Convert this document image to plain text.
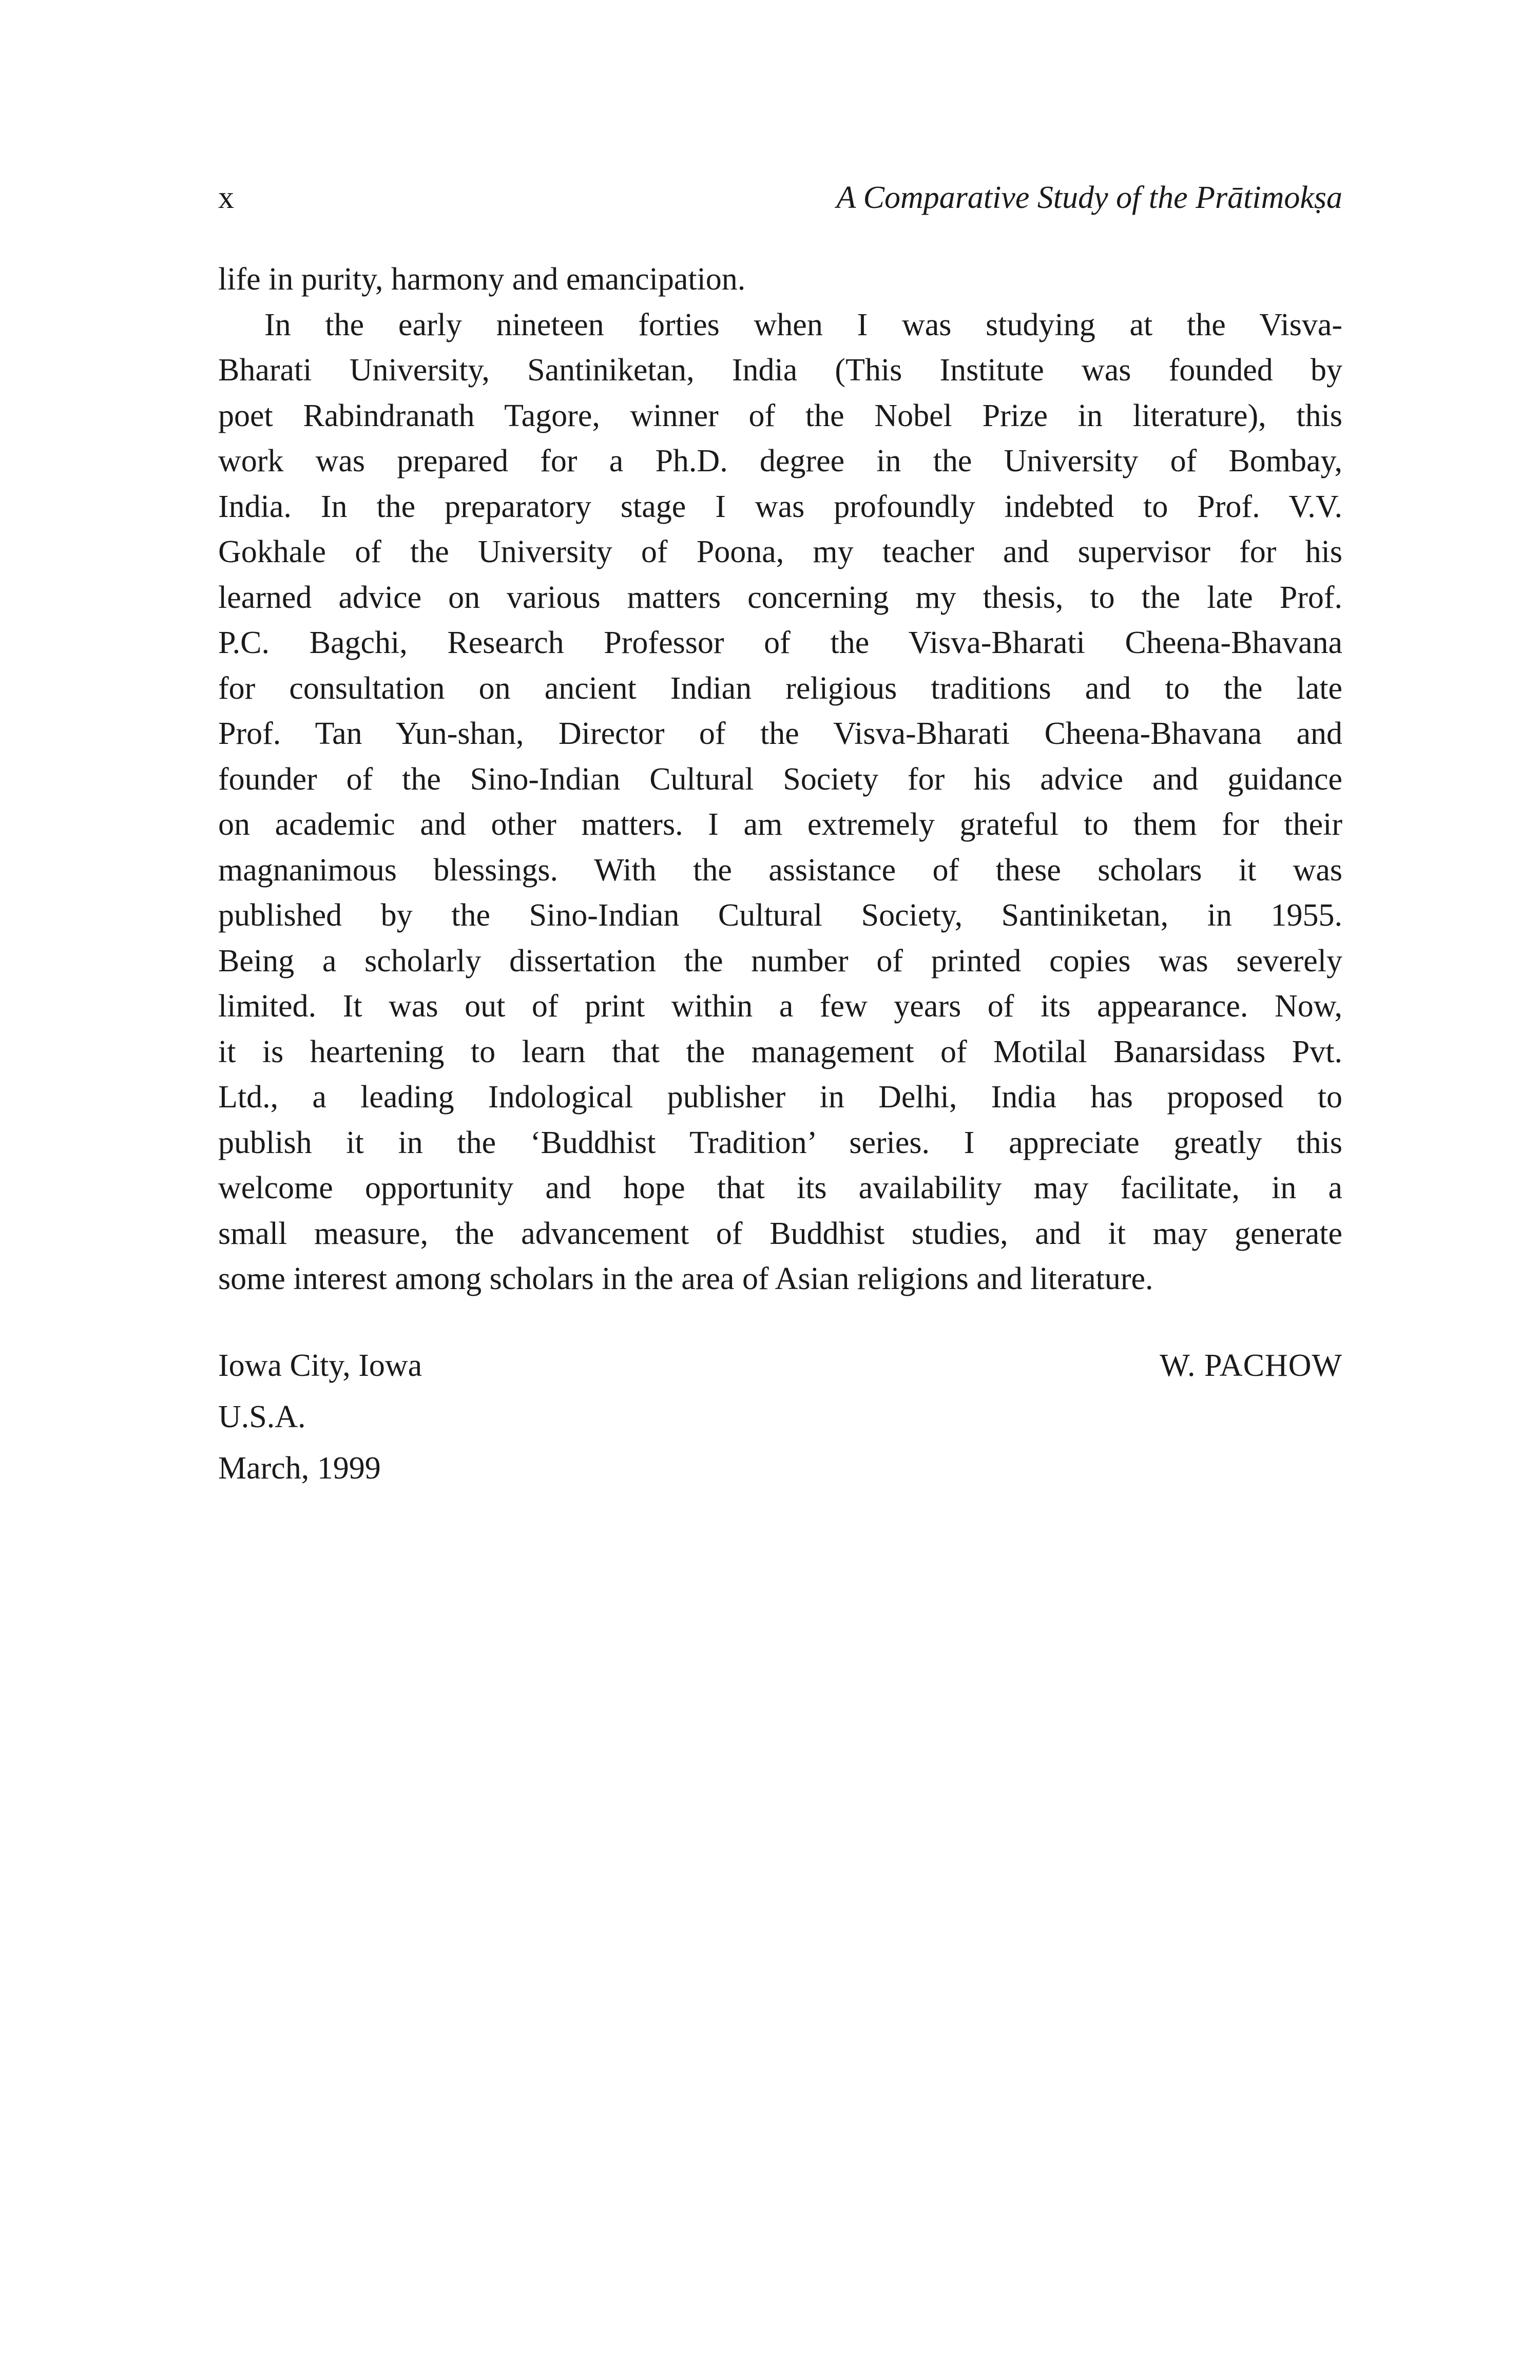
x	A Comparative Study of the Prātimokṣa
life in purity, harmony and emancipation.
In the early nineteen forties when I was studying at the Visva-
Bharati University, Santiniketan, India (This Institute was founded by
poet Rabindranath Tagore, winner of the Nobel Prize in literature), this
work was prepared for a Ph.D. degree in the University of Bombay,
India. In the preparatory stage I was profoundly indebted to Prof. V.V.
Gokhale of the University of Poona, my teacher and supervisor for his
learned advice on various matters concerning my thesis, to the late Prof.
P.C. Bagchi, Research Professor of the Visva-Bharati Cheena-Bhavana
for consultation on ancient Indian religious traditions and to the late
Prof. Tan Yun-shan, Director of the Visva-Bharati Cheena-Bhavana and
founder of the Sino-Indian Cultural Society for his advice and guidance
on academic and other matters. I am extremely grateful to them for their
magnanimous blessings. With the assistance of these scholars it was
published by the Sino-Indian Cultural Society, Santiniketan, in 1955.
Being a scholarly dissertation the number of printed copies was severely
limited. It was out of print within a few years of its appearance. Now,
it is heartening to learn that the management of Motilal Banarsidass Pvt.
Ltd., a leading Indological publisher in Delhi, India has proposed to
publish it in the ‘Buddhist Tradition’ series. I appreciate greatly this
welcome opportunity and hope that its availability may facilitate, in a
small measure, the advancement of Buddhist studies, and it may generate
some interest among scholars in the area of Asian religions and literature.
Iowa City, Iowa
U.S.A.
March, 1999
W. PACHOW
